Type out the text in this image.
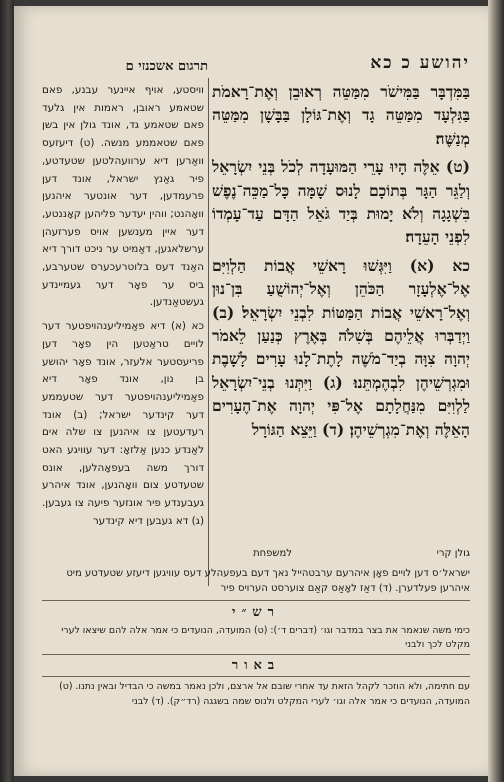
יהושע כ כא
תרגום אשכנזי ם

בַּמִּדְבָּר בַּמִּישֹׁר מִמַּטֵּה רְאוּבֵן וְאֶת־רָאמֹת בַּגִּלְעָד מִמַּטֵּה גָד וְאֶת־גּוֹלָן בַּבָּשָׁן מִמַּטֵּה מְנַשֶּׁה׃

(ט) אֵלֶּה הָיוּ עָרֵי הַמּוּעָדָה לְכֹל בְּנֵי יִשְׂרָאֵל וְלַגֵּר הַגָּר בְּתוֹכָם לָנוּס שָׁמָּה כָּל־מַכֵּה־נֶפֶשׁ בִּשְׁגָגָה וְלֹא יָמוּת בְּיַד גֹּאֵל הַדָּם עַד־עָמְדוֹ לִפְנֵי הָעֵדָה׃

כא (א) וַיִּגְּשׁוּ רָאשֵׁי אֲבוֹת הַלְוִיִּם אֶל־אֶלְעָזָר הַכֹּהֵן וְאֶל־יְהוֹשֻׁעַ בִּן־נוּן וְאֶל־רָאשֵׁי אֲבוֹת הַמַּטּוֹת לִבְנֵי יִשְׂרָאֵל׃ (ב) וַיְדַבְּרוּ אֲלֵיהֶם בְּשִׁלֹה בְּאֶרֶץ כְּנַעַן לֵאמֹר יְהוָה צִוָּה בְיַד־מֹשֶׁה לָתֶת־לָנוּ עָרִים לָשָׁבֶת וּמִגְרְשֵׁיהֶן לִבְהֶמְתֵּנוּ׃ (ג) וַיִּתְּנוּ בְנֵי־יִשְׂרָאֵל לַלְוִיִּם מִנַּחֲלָתָם אֶל־פִּי יְהוָה אֶת־הֶעָרִים הָאֵלֶּה וְאֶת־מִגְרְשֵׁיהֶן׃ (ד) וַיֵּצֵא הַגּוֹרָל

וויסטע, אויף איינער עבנע, פאם שטאמּע ראובן, ראמות אין גלעד פאם שטאמע גד, אונד גולן אין בשן פאם שטאממע מנשה. (ט) דיעזעס וואַרען דיא ערוועהלטען שטעדטע, פיר גאַנץ ישראל, אונד דען פרעמדען, דער אונטער איהנען וואָהנט; ווהין יעדער פליהען קאָננטע, דער איין מענשען אויס פערזעהן ערשלאגען, דאַמיט ער ניכט דורך דיא האַנד דעס בלוטרעכערס שטערבע, ביס ער פאָר דער געמיינדע געשטאַנדען.

כא (א) דיא פאַמיליענהויפטער דער לויים טראַטען הין פאָר דען פריעסטער אלעזר, אונד פאָר יהושע בן נון, אונד פאָר דיא פאַמיליענהויפטער דער שטעממע דער קינדער ישראל; (ב) אונד רעדעטען צו איהנען צו שלה אים לאַנדע כנען אַלזאָ: דער עוויגע האט דורך משה בעפאָהלען, אונס שטעדטע צום וואָהנען, אונד איהרע געבענדע פיר אונזער פיעה צו געבען. (ג) דא געבען דיא קינדער

גולן קרי
למשפחת
ישראל׳ס דען לויים פאָן איהרעם ערבטהייל נאך דעם בעפעהלע דעס עוויגען דיעזע שטעדטע מיט איהרען פעלדערן. (ד) דאַז לאָאַס קאַם צוערסט הערויס פיר
רש״י
כימי משה שנאמר את בצר במדבר וגו׳ (דברים ד׳)‏: (ט) המועדה, הנועדים כי אמר אלה להם שיצאו לערי מקלט לכך ולבני
באור
עם חתימה, ולא הוזכר לקהל הזאת עד אחרי שובם אל ארצם, ולכן נאמר במשה כי הבדיל ובאין נתנו. (ט) המועדה, הנועדים כי אמר אלה וגו׳ לערי המקלט ולנוס שמה בשגגה (רד״ק). (ד) לבני
